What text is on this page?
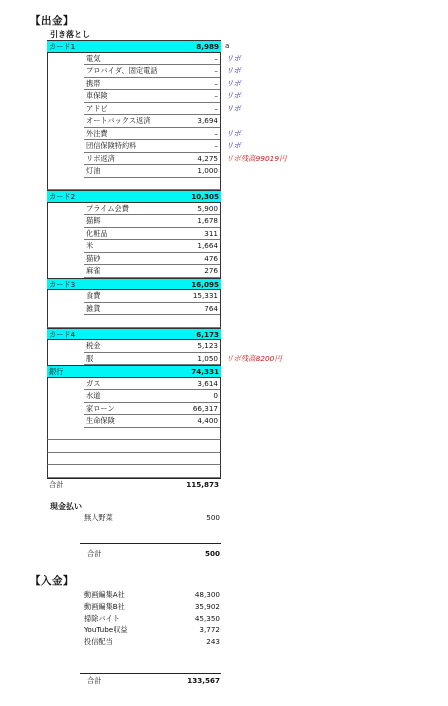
【出金】
引き落とし
a
カード1	8,989
電気	– リボ
プロバイダ、固定電話	– リボ
携帯	– リボ
車保険	– リボ
アドビ	– リボ
オートバックス返済	3,694
外注費	– リボ
団信保険特約料	– リボ
リボ返済	4,275 リボ残高99019円
灯油	1,000
カード2	10,305
プライム会費	5,900
猫餌	1,678
化粧品	311
米	1,664
猫砂	476
麻雀	276
カード3	16,095
食費	15,331
雑貨	764
カード4	6,173
税金	5,123
服	1,050 リボ残高8200円
銀行	74,331
ガス	3,614
水道	0
家ローン	66,317
生命保険	4,400
合計	115,873
現金払い
無人野菜	500
合計	500
【入金】
動画編集A社	48,300
動画編集B社	35,902
掃除バイト	45,350
YouTube収益	3,772
投信配当	243
合計	133,567
